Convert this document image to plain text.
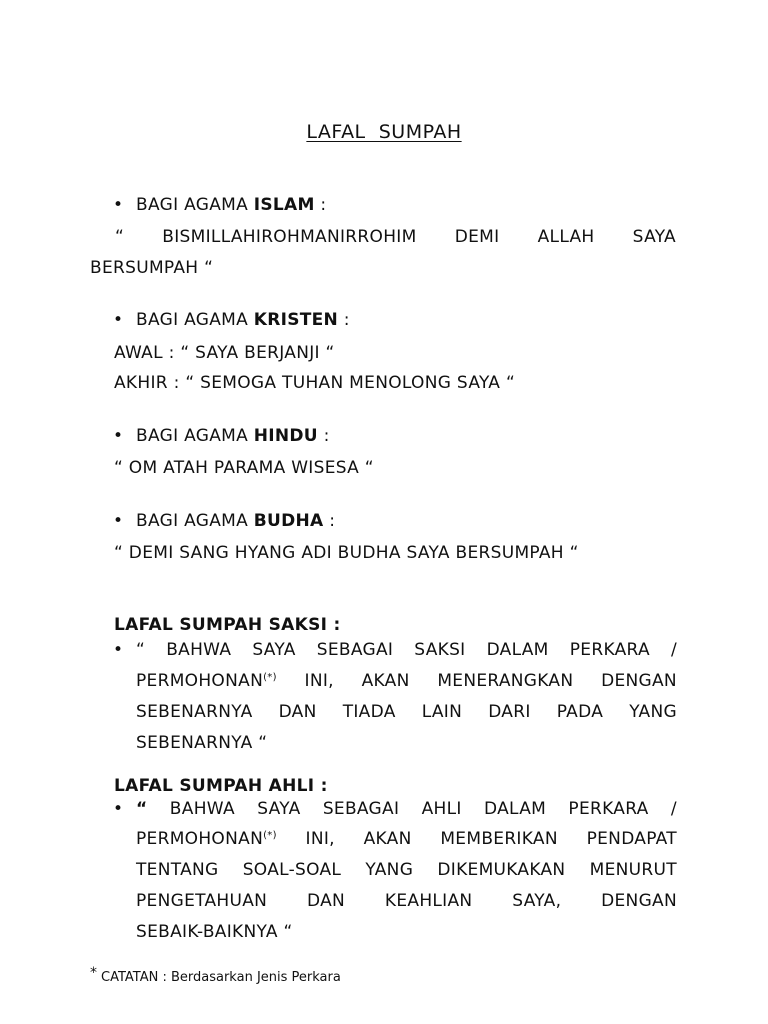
LAFAL  SUMPAH
• BAGI AGAMA ISLAM :
“ BISMILLAHIROHMANIRROHIM DEMI ALLAH SAYA
BERSUMPAH “
• BAGI AGAMA KRISTEN :
AWAL : “ SAYA BERJANJI “
AKHIR : “ SEMOGA TUHAN MENOLONG SAYA “
• BAGI AGAMA HINDU :
“ OM ATAH PARAMA WISESA “
• BAGI AGAMA BUDHA :
“ DEMI SANG HYANG ADI BUDHA SAYA BERSUMPAH “
LAFAL SUMPAH SAKSI :
• “ BAHWA SAYA SEBAGAI SAKSI DALAM PERKARA /
PERMOHONAN(*) INI, AKAN MENERANGKAN DENGAN
SEBENARNYA DAN TIADA LAIN DARI PADA YANG
SEBENARNYA “
LAFAL SUMPAH AHLI :
• “ BAHWA SAYA SEBAGAI AHLI DALAM PERKARA /
PERMOHONAN(*) INI, AKAN MEMBERIKAN PENDAPAT
TENTANG SOAL-SOAL YANG DIKEMUKAKAN MENURUT
PENGETAHUAN DAN KEAHLIAN SAYA, DENGAN
SEBAIK-BAIKNYA “
* CATATAN : Berdasarkan Jenis Perkara
